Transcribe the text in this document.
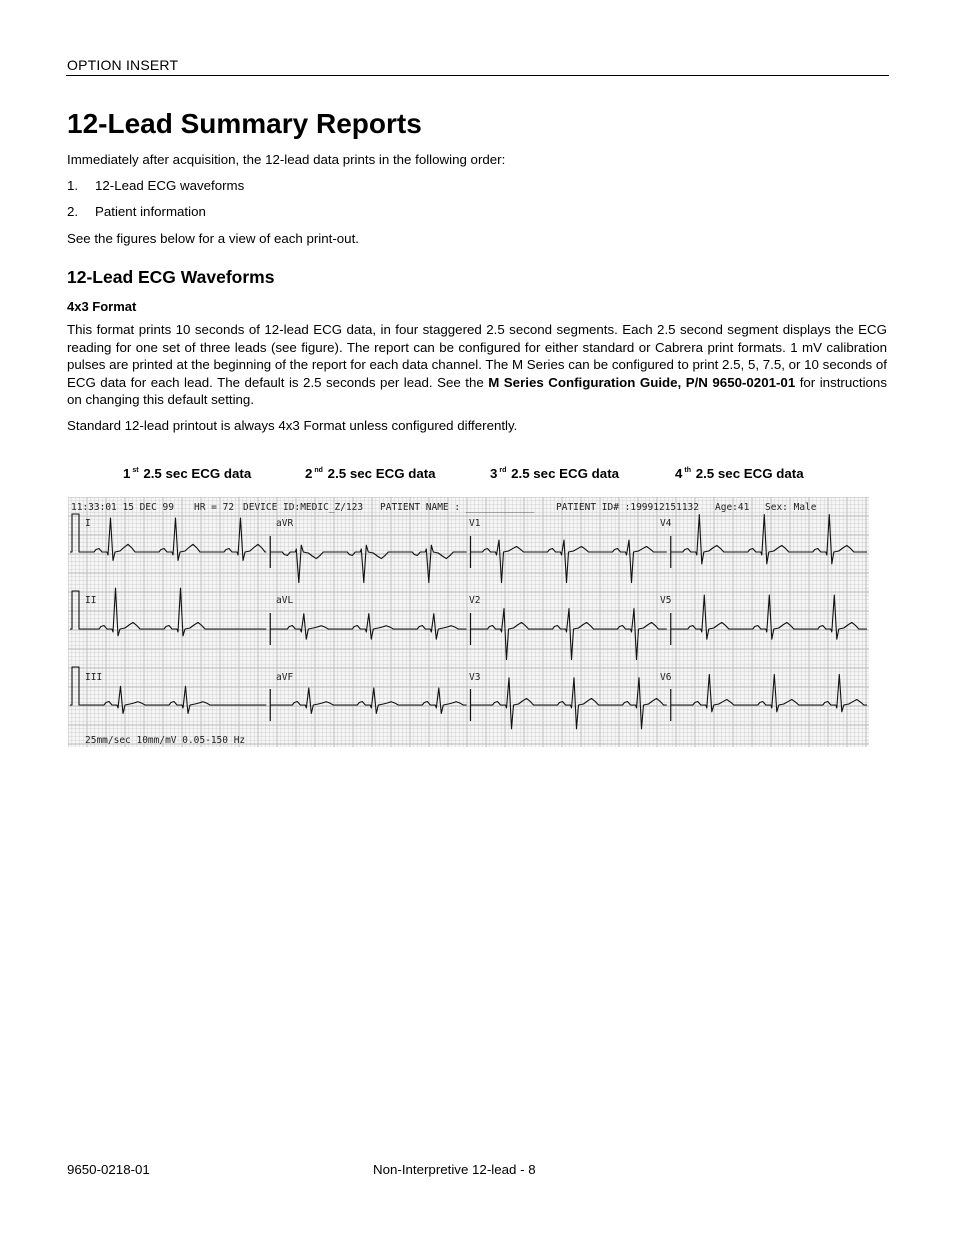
OPTION INSERT
12-Lead Summary Reports

Immediately after acquisition, the 12-lead data prints in the following order:

1. 12-Lead ECG waveforms

2. Patient information

See the figures below for a view of each print-out.

12-Lead ECG Waveforms
4x3 Format

This format prints 10 seconds of 12-lead ECG data, in four staggered 2.5 second segments. Each 2.5 second segment displays the ECG reading for one set of three leads (see figure). The report can be configured for either standard or Cabrera print formats. 1 mV calibration pulses are printed at the beginning of the report for each data channel. The M Series can be configured to print 2.5, 5, 7.5, or 10 seconds of ECG data for each lead. The default is 2.5 seconds per lead. See the M Series Configuration Guide, P/N 9650-0201-01 for instructions on changing this default setting.

Standard 12-lead printout is always 4x3 Format unless configured differently.

1 $^{st}$ 2.5 sec ECG data	2 $^{nd}$ 2.5 sec ECG data	3 $^{rd}$ 2.5 sec ECG data	4 $^{th}$ 2.5 sec ECG data
11:33:01 15 DEC 99 HR = 72 DEVICE ID:MEDIC_Z/123 PATIENT NAME : ____________ PATIENT ID# :199912151132 Age:41 Sex: Male
I	aVR	V1	V4
II	aVL	V2	V5
III	aVF	V3	V6
25mm/sec 10mm/mV 0.05-150 Hz
9650-0218-01	Non-Interpretive 12-lead - 8
